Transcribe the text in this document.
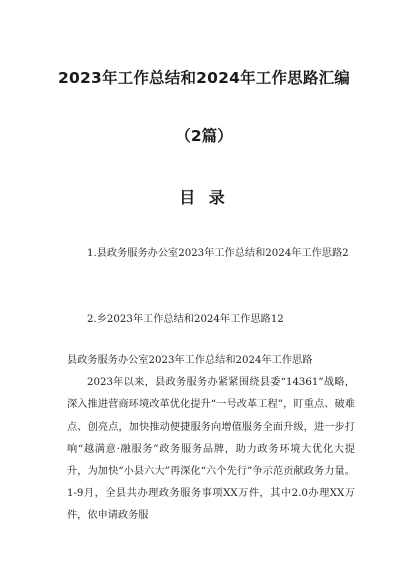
2023年工作总结和2024年工作思路汇编
（2篇）
目 录
1.县政务服务办公室2023年工作总结和2024年工作思路2
2.乡2023年工作总结和2024年工作思路12

县政务服务办公室2023年工作总结和2024年工作思路

2023年以来，县政务服务办紧紧围绕县委“14361”战略，深入推进营商环境改革优化提升“一号改革工程”，盯重点、破难点、创亮点，加快推动便捷服务向增值服务全面升级，进一步打响“越满意·融服务”政务服务品牌，助力政务环境大优化大提升，为加快“小县六大”再深化“六个先行”争示范贡献政务力量。1-9月，全县共办理政务服务事项XX万件，其中2.0办理XX万件，依申请政务服
